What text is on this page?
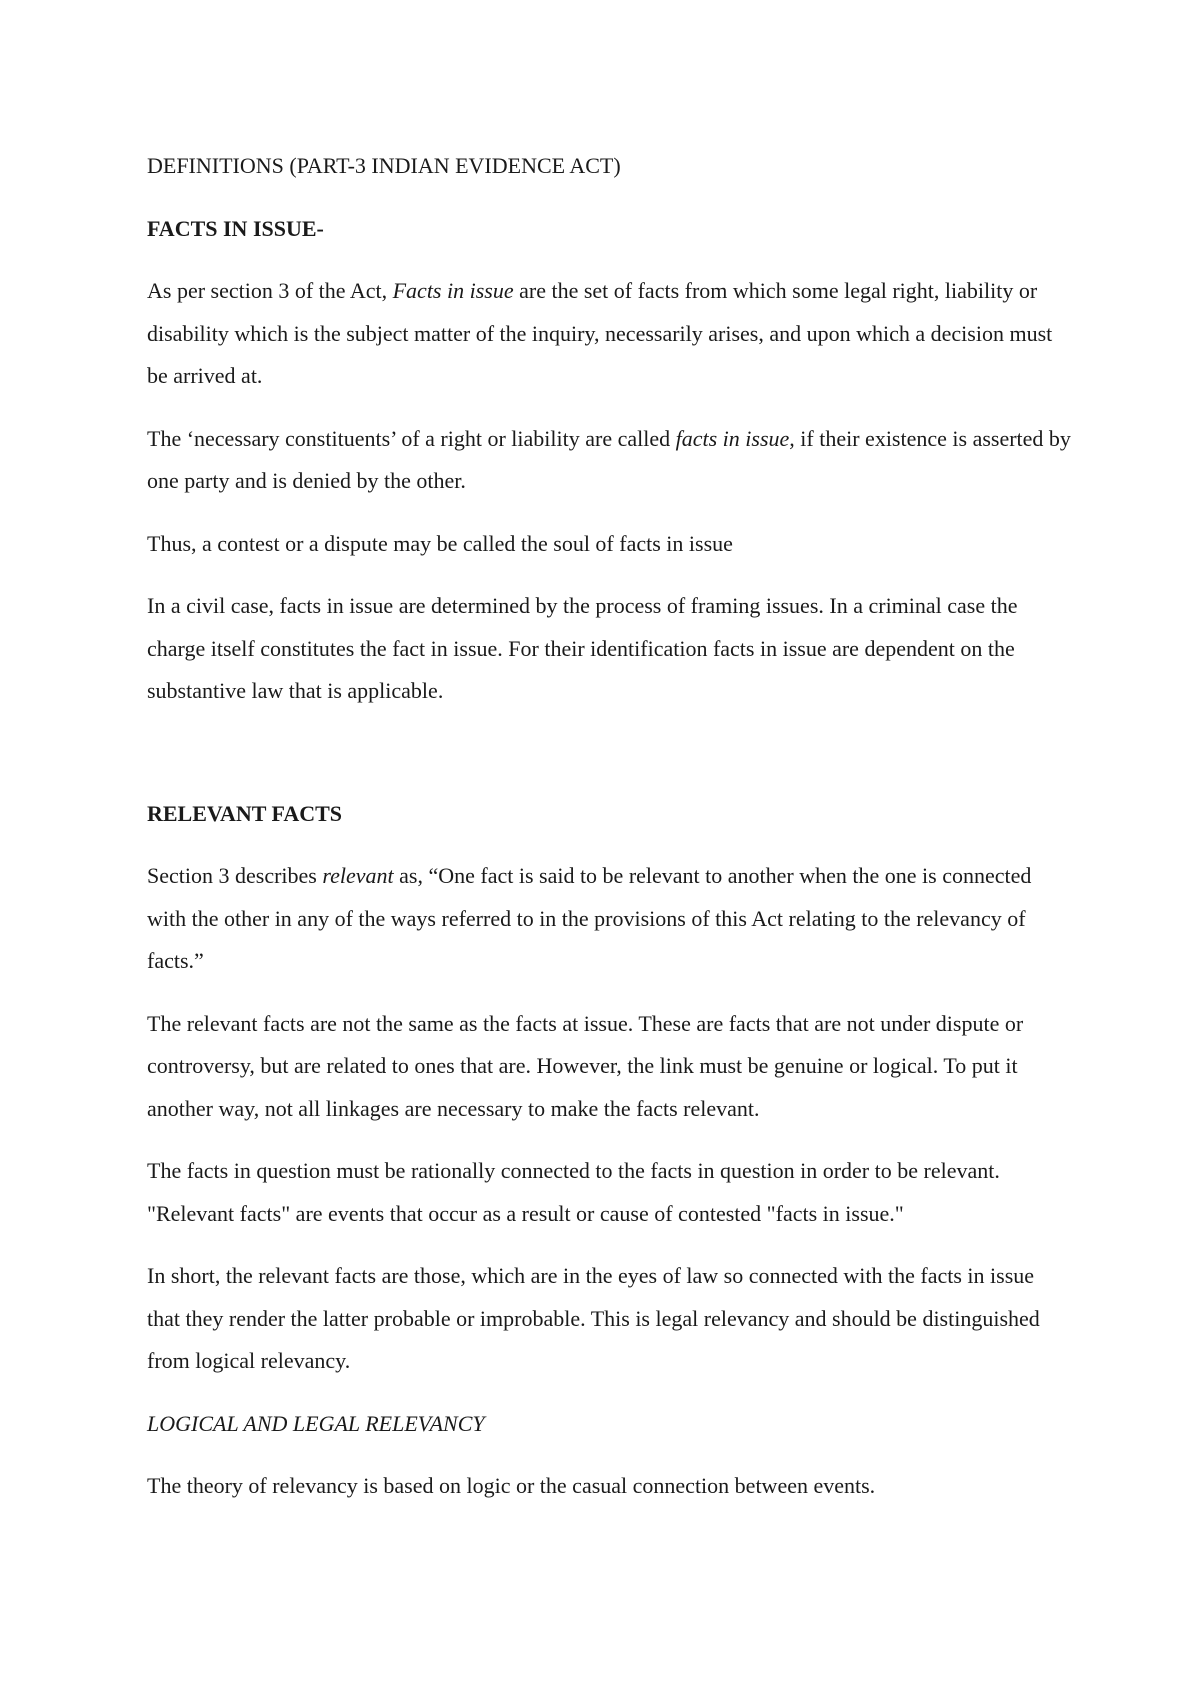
DEFINITIONS (PART-3 INDIAN EVIDENCE ACT)

FACTS IN ISSUE-

As per section 3 of the Act, Facts in issue are the set of facts from which some legal right, liability or disability which is the subject matter of the inquiry, necessarily arises, and upon which a decision must be arrived at.

The ‘necessary constituents’ of a right or liability are called facts in issue, if their existence is asserted by one party and is denied by the other.

Thus, a contest or a dispute may be called the soul of facts in issue

In a civil case, facts in issue are determined by the process of framing issues. In a criminal case the charge itself constitutes the fact in issue. For their identification facts in issue are dependent on the substantive law that is applicable.

RELEVANT FACTS

Section 3 describes relevant as, “One fact is said to be relevant to another when the one is connected with the other in any of the ways referred to in the provisions of this Act relating to the relevancy of facts.”

The relevant facts are not the same as the facts at issue. These are facts that are not under dispute or controversy, but are related to ones that are. However, the link must be genuine or logical. To put it another way, not all linkages are necessary to make the facts relevant.

The facts in question must be rationally connected to the facts in question in order to be relevant. "Relevant facts" are events that occur as a result or cause of contested "facts in issue."

In short, the relevant facts are those, which are in the eyes of law so connected with the facts in issue that they render the latter probable or improbable. This is legal relevancy and should be distinguished from logical relevancy.

LOGICAL AND LEGAL RELEVANCY

The theory of relevancy is based on logic or the casual connection between events.
